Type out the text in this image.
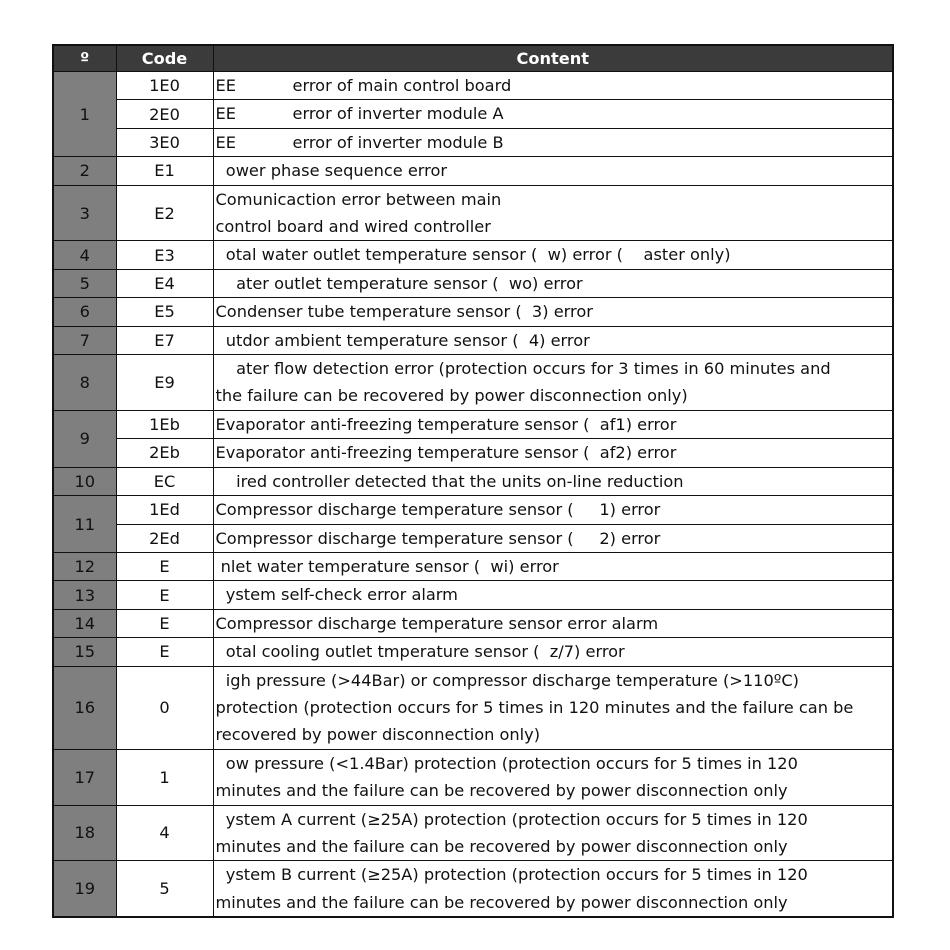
º	Code	Content
1	1E0	EE           error of main control board

	2E0	EE           error of inverter module A

	3E0	EE           error of inverter module B

2	E1	ower phase sequence error

3	E2	Comunicaction error between main
control board and wired controller

4	E3	otal water outlet temperature sensor (  w) error (    aster only)

5	E4	ater outlet temperature sensor (  wo) error

6	E5	Condenser tube temperature sensor (  3) error

7	E7	utdor ambient temperature sensor (  4) error

8	E9	ater flow detection error (protection occurs for 3 times in 60 minutes and
the failure can be recovered by power disconnection only)

9	1Eb	Evaporator anti-freezing temperature sensor (  af1) error

	2Eb	Evaporator anti-freezing temperature sensor (  af2) error

10	EC	ired controller detected that the units on-line reduction

11	1Ed	Compressor discharge temperature sensor (     1) error

	2Ed	Compressor discharge temperature sensor (     2) error

12	E	nlet water temperature sensor (  wi) error

13	E	ystem self-check error alarm

14	E	Compressor discharge temperature sensor error alarm

15	E	otal cooling outlet tmperature sensor (  z/7) error

16	0	igh pressure (>44Bar) or compressor discharge temperature (>110ºC)
protection (protection occurs for 5 times in 120 minutes and the failure can be
recovered by power disconnection only)

17	1	ow pressure (<1.4Bar) protection (protection occurs for 5 times in 120
minutes and the failure can be recovered by power disconnection only

18	4	ystem A current (≥25A) protection (protection occurs for 5 times in 120
minutes and the failure can be recovered by power disconnection only

19	5	ystem B current (≥25A) protection (protection occurs for 5 times in 120
minutes and the failure can be recovered by power disconnection only
